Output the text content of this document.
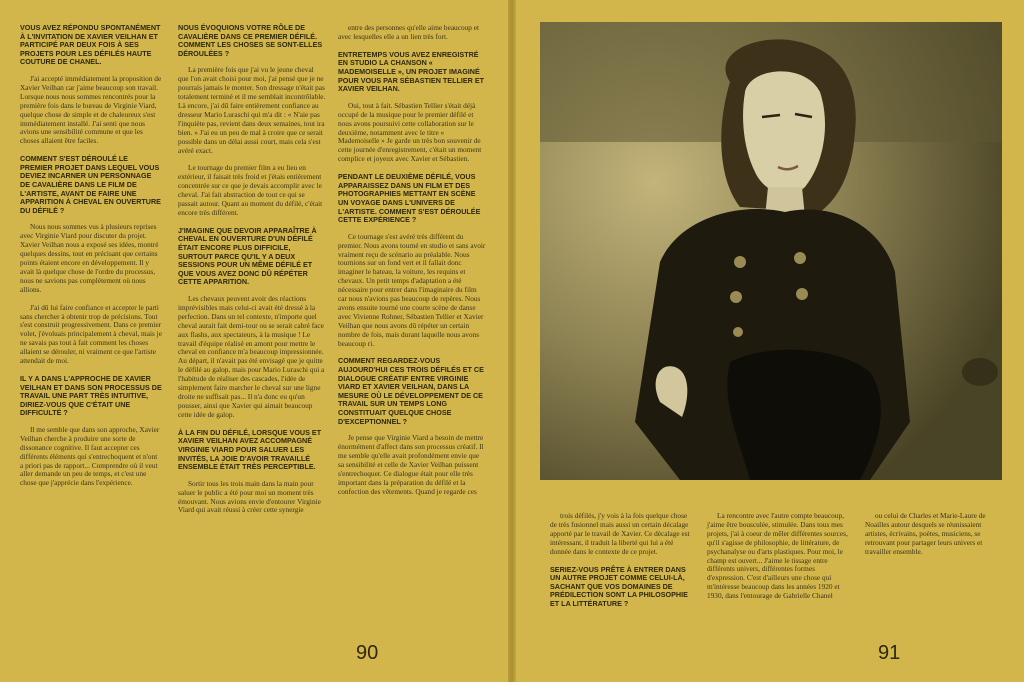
VOUS AVEZ RÉPONDU SPONTANÉMENT À L'INVITATION DE XAVIER VEILHAN ET PARTICIPÉ PAR DEUX FOIS À SES PROJETS POUR LES DÉFILÉS HAUTE COUTURE DE CHANEL.
J'ai accepté immédiatement la proposition de Xavier Veilhan car j'aime beaucoup son travail. Lorsque nous nous sommes rencontrés pour la première fois dans le bureau de Virginie Viard, quelque chose de simple et de chaleureux s'est immédiatement installé. J'ai senti que nous avions une sensibilité commune et que les choses allaient être faciles.
COMMENT S'EST DÉROULÉ LE PREMIER PROJET DANS LEQUEL VOUS DEVIEZ INCARNER UN PERSONNAGE DE CAVALIÈRE DANS LE FILM DE L'ARTISTE, AVANT DE FAIRE UNE APPARITION À CHEVAL EN OUVERTURE DU DÉFILÉ ?
Nous nous sommes vus à plusieurs reprises avec Virginie Viard pour discuter du projet. Xavier Veilhan nous a exposé ses idées, montré quelques dessins, tout en précisant que certains points étaient encore en développement. Il y avait là quelque chose de l'ordre du processus, nous ne savions pas complètement où nous allions.
J'ai dû lui faire confiance et accepter le parti sans chercher à obtenir trop de précisions. Tout s'est construit progressivement. Dans ce premier volet, j'évoluais principalement à cheval, mais je ne savais pas tout à fait comment les choses allaient se dérouler, ni vraiment ce que l'artiste attendait de moi.
IL Y A DANS L'APPROCHE DE XAVIER VEILHAN ET DANS SON PROCESSUS DE TRAVAIL UNE PART TRÈS INTUITIVE, DIRIEZ-VOUS QUE C'ÉTAIT UNE DIFFICULTÉ ?
Il me semble que dans son approche, Xavier Veilhan cherche à produire une sorte de dissonance cognitive. Il faut accepter ces différents éléments qui s'entrechoquent et n'ont a priori pas de rapport... Comprendre où il veut aller demande un peu de temps, et c'est une chose que j'apprécie dans l'expérience.
NOUS ÉVOQUIONS VOTRE RÔLE DE CAVALIÈRE DANS CE PREMIER DÉFILÉ. COMMENT LES CHOSES SE SONT-ELLES DÉROULÉES ?
La première fois que j'ai vu le jeune cheval que l'on avait choisi pour moi, j'ai pensé que je ne pourrais jamais le monter. Son dressage n'était pas totalement terminé et il me semblait incontrôlable. Là encore, j'ai dû faire entièrement confiance au dresseur Mario Luraschi qui m'a dit : « N'aie pas l'inquiète pas, revient dans deux semaines, tout ira bien. » J'ai eu un peu de mal à croire que ce serait possible dans un délai aussi court, mais cela s'est avéré exact.
Le tournage du premier film a eu lieu en extérieur, il faisait très froid et j'étais entièrement concentrée sur ce que je devais accomplir avec le cheval. J'ai fait abstraction de tout ce qui se passait autour. Quant au moment du défilé, c'était encore très différent.
J'IMAGINE QUE DEVOIR APPARAÎTRE À CHEVAL EN OUVERTURE D'UN DÉFILÉ ÉTAIT ENCORE PLUS DIFFICILE, SURTOUT PARCE QU'IL Y A DEUX SESSIONS POUR UN MÊME DÉFILÉ ET QUE VOUS AVEZ DONC DÛ RÉPÉTER CETTE APPARITION.
Les chevaux peuvent avoir des réactions imprévisibles mais celui-ci avait été dressé à la perfection. Dans un tel contexte, n'importe quel cheval aurait fait demi-tour ou se serait cabré face aux flashs, aux spectateurs, à la musique ! Le travail d'équipe réalisé en amont pour mettre le cheval en confiance m'a beaucoup impressionnée. Au départ, il n'avait pas été envisagé que je quitte le défilé au galop, mais pour Mario Luraschi qui a l'habitude de réaliser des cascades, l'idée de simplement faire marcher le cheval sur une ligne droite ne suffisait pas... Il n'a donc eu qu'un pousser, ainsi que Xavier qui aimait beaucoup cette idée de galop.
À LA FIN DU DÉFILÉ, LORSQUE VOUS ET XAVIER VEILHAN AVEZ ACCOMPAGNÉ VIRGINIE VIARD POUR SALUER LES INVITÉS, LA JOIE D'AVOIR TRAVAILLÉ ENSEMBLE ÉTAIT TRÈS PERCEPTIBLE.
Sortir tous les trois main dans la main pour saluer le public a été pour moi un moment très émouvant. Nous avions envie d'entourer Virginie Viard qui avait réussi à créer cette synergie
entre des personnes qu'elle aime beaucoup et avec lesquelles elle a un lien très fort.
ENTRETEMPS VOUS AVEZ ENREGISTRÉ EN STUDIO LA CHANSON « MADEMOISELLE », UN PROJET IMAGINÉ POUR VOUS PAR SÉBASTIEN TELLIER ET XAVIER VEILHAN.
Oui, tout à fait. Sébastien Tellier s'était déjà occupé de la musique pour le premier défilé et nous avons poursuivi cette collaboration sur le deuxième, notamment avec le titre « Mademoiselle » Je garde un très bon souvenir de cette journée d'enregistrement, c'était un moment complice et joyeux avec Xavier et Sébastien.
PENDANT LE DEUXIÈME DÉFILÉ, VOUS APPARAISSEZ DANS UN FILM ET DES PHOTOGRAPHIES METTANT EN SCÈNE UN VOYAGE DANS L'UNIVERS DE L'ARTISTE. COMMENT S'EST DÉROULÉE CETTE EXPÉRIENCE ?
Ce tournage s'est avéré très différent du premier. Nous avons tourné en studio et sans avoir vraiment reçu de scénario au préalable. Nous tournions sur un fond vert et il fallait donc imaginer le bateau, la voiture, les requins et chevaux. Un petit temps d'adaptation a été nécessaire pour entrer dans l'imaginaire du film car nous n'avions pas beaucoup de repères. Nous avons ensuite tourné une courte scène de danse avec Vivienne Rohner, Sébastien Tellier et Xavier Veilhan que nous avons dû répéter un certain nombre de fois, mais durant laquelle nous avons beaucoup ri.
COMMENT REGARDEZ-VOUS AUJOURD'HUI CES TROIS DÉFILÉS ET CE DIALOGUE CRÉATIF ENTRE VIRGINIE VIARD ET XAVIER VEILHAN, DANS LA MESURE OÙ LE DÉVELOPPEMENT DE CE TRAVAIL SUR UN TEMPS LONG CONSTITUAIT QUELQUE CHOSE D'EXCEPTIONNEL ?
Je pense que Virginie Viard a besoin de mettre énormément d'affect dans son processus créatif. Il me semble qu'elle avait profondément envie que sa sensibilité et celle de Xavier Veilhan puissent s'entrechoquer. Ce dialogue était pour elle très important dans la préparation du défilé et la confection des vêtements. Quand je regarde ces
90
trois défilés, j'y vois à la fois quelque chose de très fusionnel mais aussi un certain décalage apporté par le travail de Xavier. Ce décalage est intéressant, il traduit la liberté qui lui a été donnée dans le contexte de ce projet.
SERIEZ-VOUS PRÊTE À ENTRER DANS UN AUTRE PROJET COMME CELUI-LÀ, SACHANT QUE VOS DOMAINES DE PRÉDILECTION SONT LA PHILOSOPHIE ET LA LITTÉRATURE ?
La rencontre avec l'autre compte beaucoup, j'aime être bousculée, stimulée. Dans tous mes projets, j'ai à coeur de mêler différentes sources, qu'il s'agisse de philosophie, de littérature, de psychanalyse ou d'arts plastiques. Pour moi, le champ est ouvert... J'aime le tissage entre différents univers, différentes formes d'expression. C'est d'ailleurs une chose qui m'intéresse beaucoup dans les années 1920 et 1930, dans l'entourage de Gabrielle Chanel
ou celui de Charles et Marie-Laure de Noailles autour desquels se réunissaient artistes, écrivains, poètes, musiciens, se retrouvant pour partager leurs univers et travailler ensemble.
91
